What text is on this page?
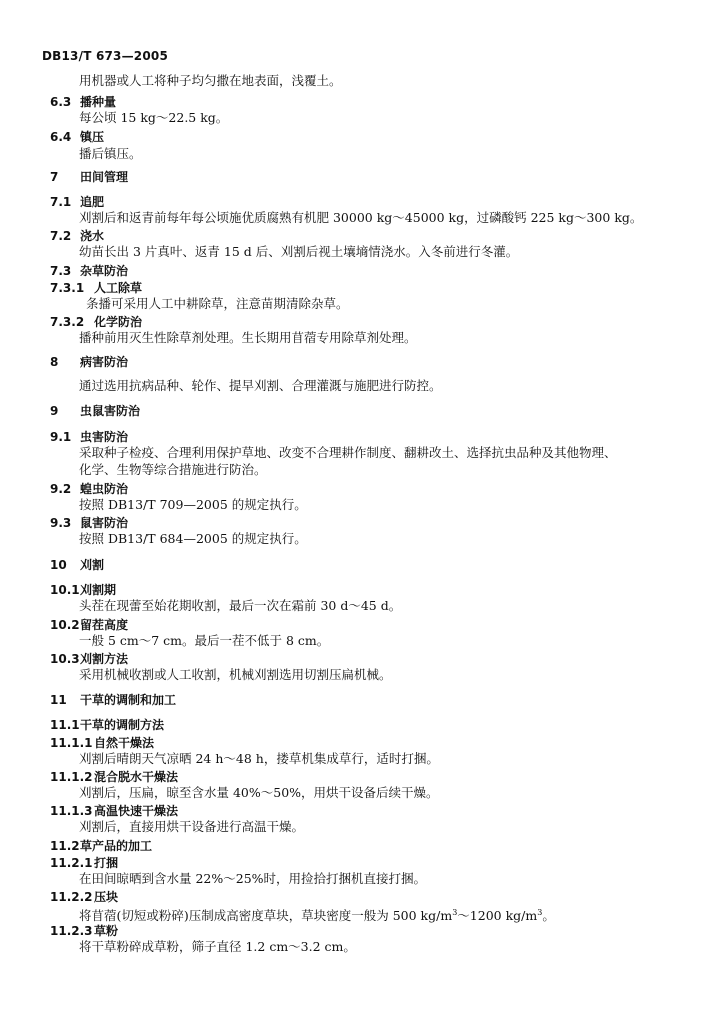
DB13/T 673—2005
用机器或人工将种子均匀撒在地表面，浅覆土。
6.3 播种量
每公顷 15 kg～22.5 kg。
6.4 镇压
播后镇压。
7 田间管理
7.1 追肥
刈割后和返青前每年每公顷施优质腐熟有机肥 30000 kg～45000 kg，过磷酸钙 225 kg～300 kg。
7.2 浇水
幼苗长出 3 片真叶、返青 15 d 后、刈割后视土壤墒情浇水。入冬前进行冬灌。
7.3 杂草防治
7.3.1 人工除草
条播可采用人工中耕除草，注意苗期清除杂草。
7.3.2 化学防治
播种前用灭生性除草剂处理。生长期用苜蓿专用除草剂处理。
8 病害防治
通过选用抗病品种、轮作、提早刈割、合理灌溉与施肥进行防控。
9 虫鼠害防治
9.1 虫害防治
采取种子检疫、合理利用保护草地、改变不合理耕作制度、翻耕改土、选择抗虫品种及其他物理、
化学、生物等综合措施进行防治。
9.2 蝗虫防治
按照 DB13/T 709—2005 的规定执行。
9.3 鼠害防治
按照 DB13/T 684—2005 的规定执行。
10 刈割
10.1刈割期
头茬在现蕾至始花期收割，最后一次在霜前 30 d～45 d。
10.2留茬高度
一般 5 cm～7 cm。最后一茬不低于 8 cm。
10.3刈割方法
采用机械收割或人工收割，机械刈割选用切割压扁机械。
11 干草的调制和加工
11.1干草的调制方法
11.1.1自然干燥法
刈割后晴朗天气凉晒 24 h～48 h，搂草机集成草行，适时打捆。
11.1.2混合脱水干燥法
刈割后，压扁，晾至含水量 40%～50%，用烘干设备后续干燥。
11.1.3高温快速干燥法
刈割后，直接用烘干设备进行高温干燥。
11.2草产品的加工
11.2.1打捆
在田间晾晒到含水量 22%～25%时，用捡拾打捆机直接打捆。
11.2.2压块
将苜蓿(切短或粉碎)压制成高密度草块，草块密度一般为 500 $kg/m^3\sim 1200$ $kg/m^3$。
11.2.3草粉
将干草粉碎成草粉，筛子直径 1.2 cm～3.2 cm。
